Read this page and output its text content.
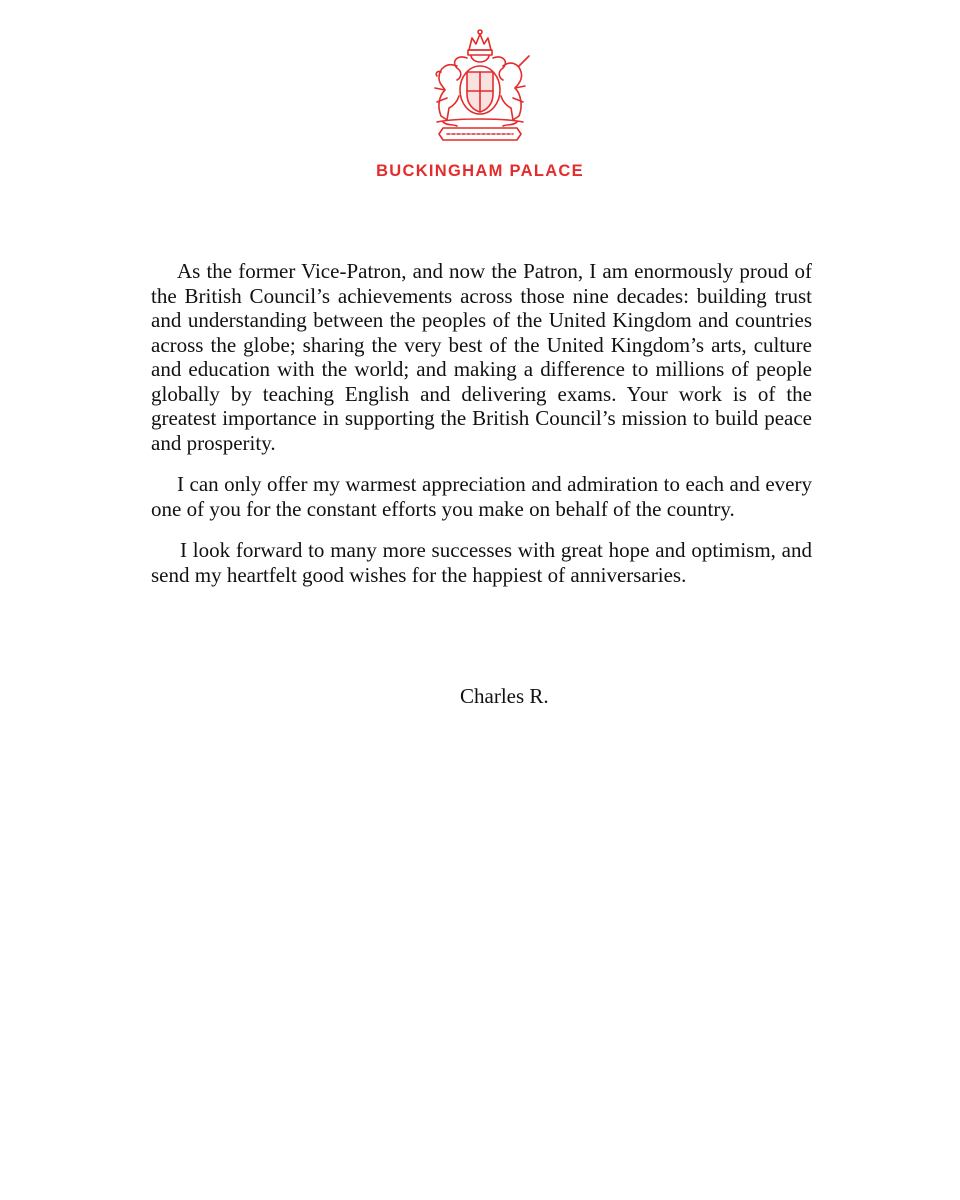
BUCKINGHAM PALACE

As the former Vice-Patron, and now the Patron, I am enormously proud of the British Council’s achievements across those nine decades: building trust and understanding between the peoples of the United Kingdom and countries across the globe; sharing the very best of the United Kingdom’s arts, culture and education with the world; and making a difference to millions of people globally by teaching English and delivering exams. Your work is of the greatest importance in supporting the British Council’s mission to build peace and prosperity.

I can only offer my warmest appreciation and admiration to each and every one of you for the constant efforts you make on behalf of the country.

I look forward to many more successes with great hope and optimism, and send my heartfelt good wishes for the happiest of anniversaries.

Charles R.
